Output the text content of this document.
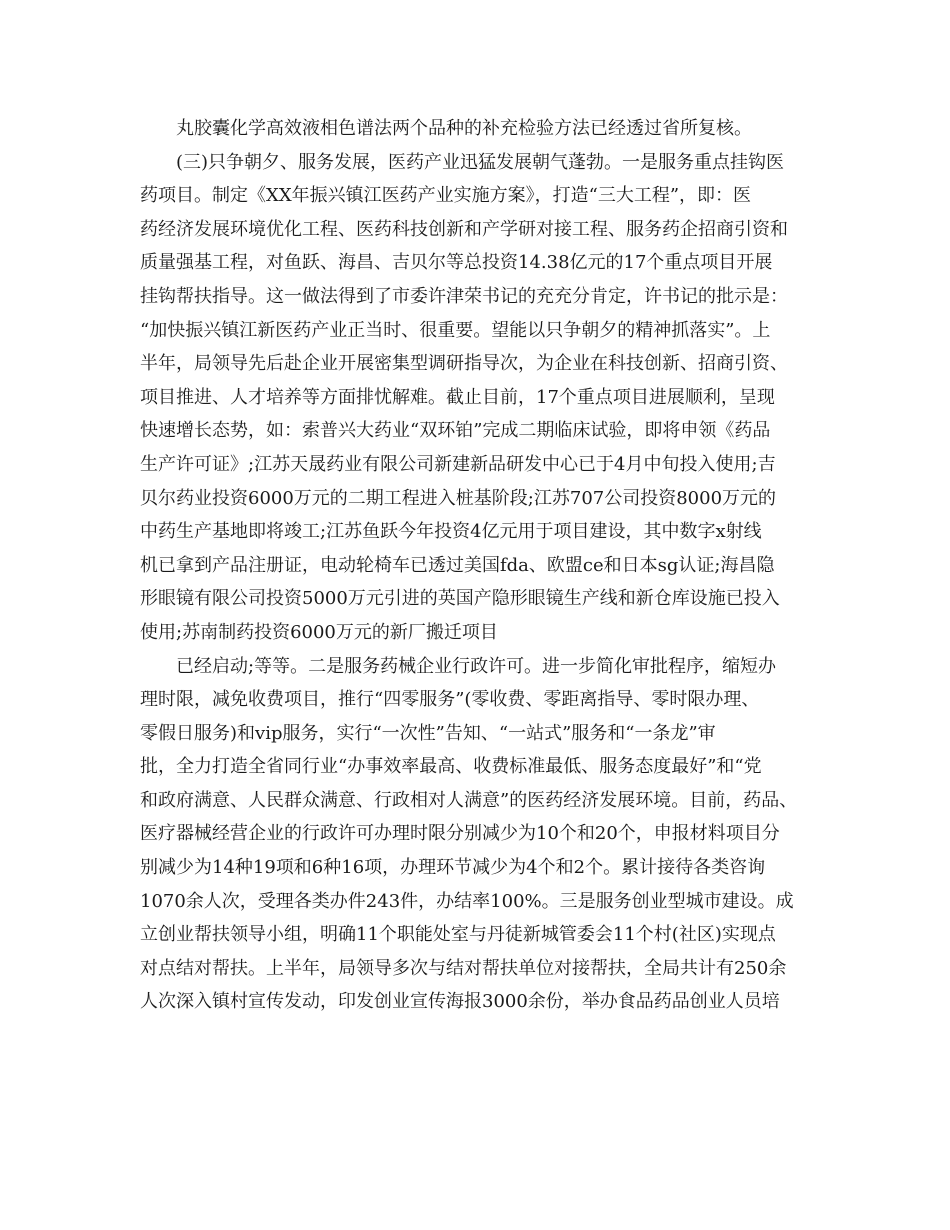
丸胶囊化学高效液相色谱法两个品种的补充检验方法已经透过省所复核。
(三)只争朝夕、服务发展，医药产业迅猛发展朝气蓬勃。一是服务重点挂钩医
药项目。制定《XX年振兴镇江医药产业实施方案》，打造“三大工程”，即：医
药经济发展环境优化工程、医药科技创新和产学研对接工程、服务药企招商引资和
质量强基工程，对鱼跃、海昌、吉贝尔等总投资14.38亿元的17个重点项目开展
挂钩帮扶指导。这一做法得到了市委许津荣书记的充充分肯定，许书记的批示是：
“加快振兴镇江新医药产业正当时、很重要。望能以只争朝夕的精神抓落实”。上
半年，局领导先后赴企业开展密集型调研指导次，为企业在科技创新、招商引资、
项目推进、人才培养等方面排忧解难。截止目前，17个重点项目进展顺利，呈现
快速增长态势，如：索普兴大药业“双环铂”完成二期临床试验，即将申领《药品
生产许可证》;江苏天晟药业有限公司新建新品研发中心已于4月中旬投入使用;吉
贝尔药业投资6000万元的二期工程进入桩基阶段;江苏707公司投资8000万元的
中药生产基地即将竣工;江苏鱼跃今年投资4亿元用于项目建设，其中数字x射线
机已拿到产品注册证，电动轮椅车已透过美国fda、欧盟ce和日本sg认证;海昌隐
形眼镜有限公司投资5000万元引进的英国产隐形眼镜生产线和新仓库设施已投入
使用;苏南制药投资6000万元的新厂搬迁项目
已经启动;等等。二是服务药械企业行政许可。进一步简化审批程序，缩短办
理时限，减免收费项目，推行“四零服务”(零收费、零距离指导、零时限办理、
零假日服务)和vip服务，实行“一次性”告知、“一站式”服务和“一条龙”审
批，全力打造全省同行业“办事效率最高、收费标准最低、服务态度最好”和“党
和政府满意、人民群众满意、行政相对人满意”的医药经济发展环境。目前，药品、
医疗器械经营企业的行政许可办理时限分别减少为10个和20个，申报材料项目分
别减少为14种19项和6种16项，办理环节减少为4个和2个。累计接待各类咨询
1070余人次，受理各类办件243件，办结率100%。三是服务创业型城市建设。成
立创业帮扶领导小组，明确11个职能处室与丹徒新城管委会11个村(社区)实现点
对点结对帮扶。上半年，局领导多次与结对帮扶单位对接帮扶，全局共计有250余
人次深入镇村宣传发动，印发创业宣传海报3000余份，举办食品药品创业人员培
